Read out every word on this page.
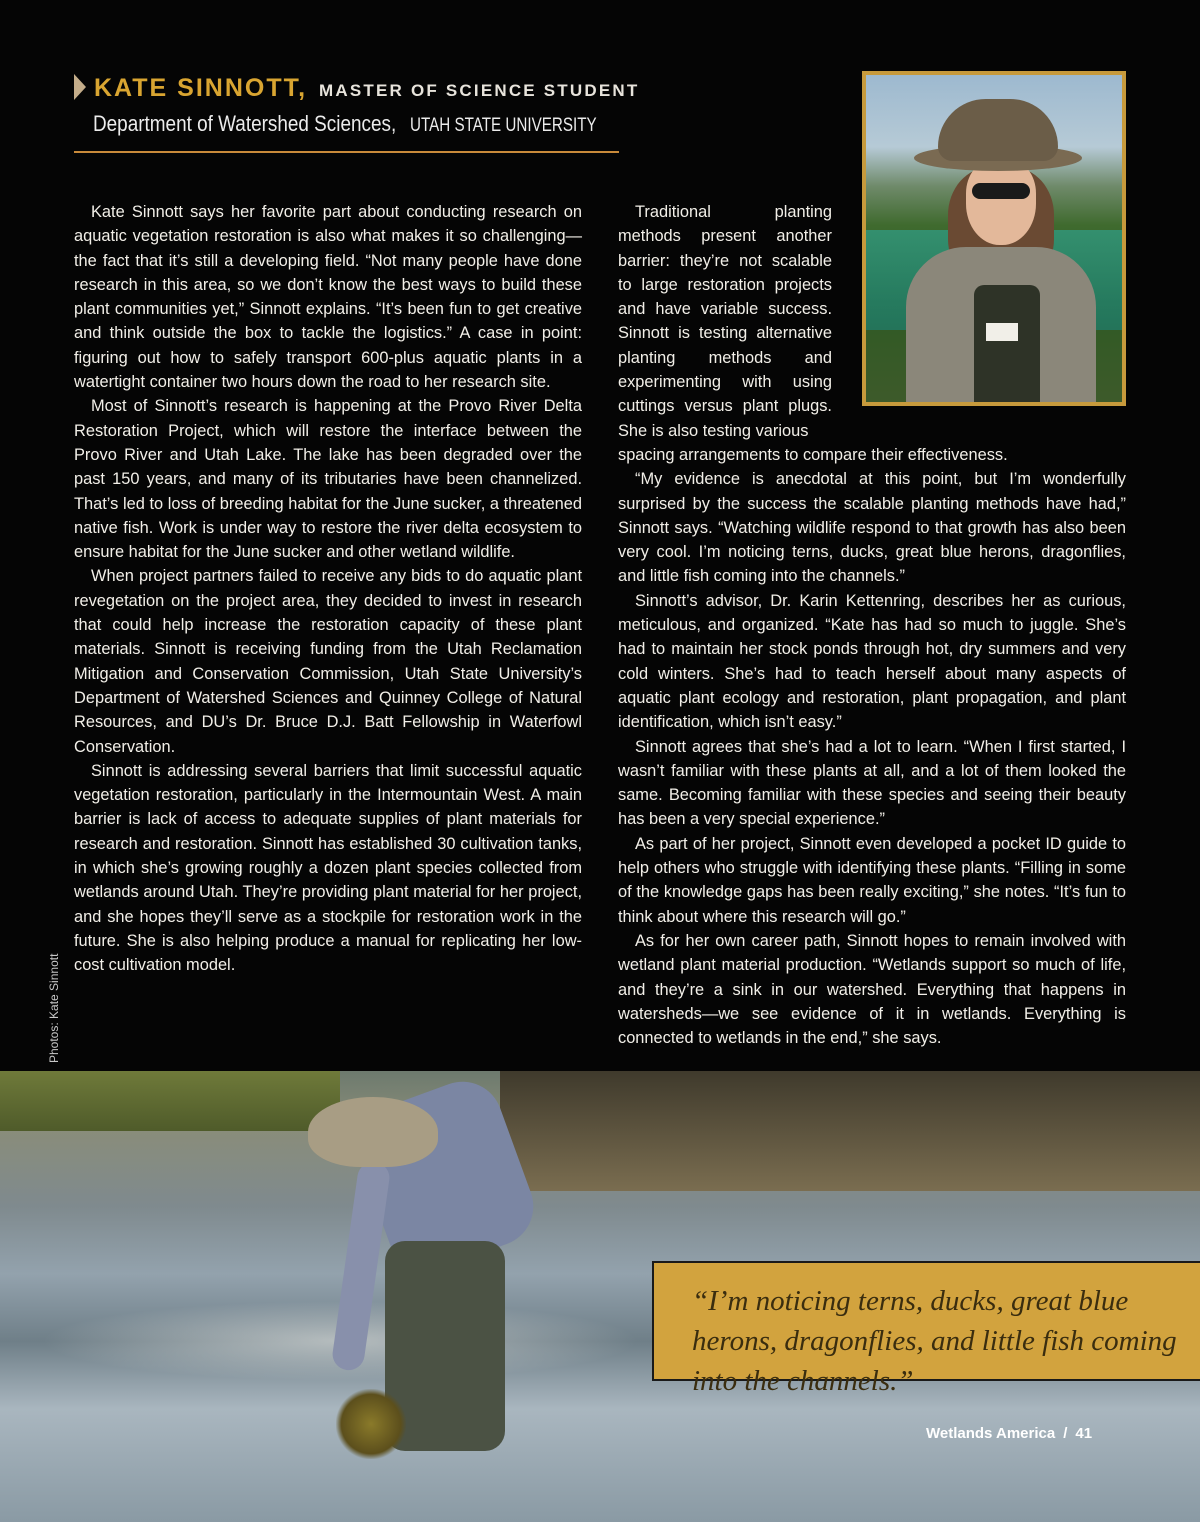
KATE SINNOTT, MASTER OF SCIENCE STUDENT
Department of Watershed Sciences, UTAH STATE UNIVERSITY

Kate Sinnott says her favorite part about conducting research on aquatic vegetation restoration is also what makes it so challenging—the fact that it’s still a developing field. “Not many people have done research in this area, so we don’t know the best ways to build these plant communities yet,” Sinnott explains. “It’s been fun to get creative and think outside the box to tackle the logistics.” A case in point: figuring out how to safely transport 600-plus aquatic plants in a watertight container two hours down the road to her research site.

Most of Sinnott’s research is happening at the Provo River Delta Restoration Project, which will restore the interface between the Provo River and Utah Lake. The lake has been degraded over the past 150 years, and many of its tributaries have been channelized. That’s led to loss of breeding habitat for the June sucker, a threatened native fish. Work is under way to restore the river delta ecosystem to ensure habitat for the June sucker and other wetland wildlife.

When project partners failed to receive any bids to do aquatic plant revegetation on the project area, they decided to invest in research that could help increase the restoration capacity of these plant materials. Sinnott is receiving funding from the Utah Reclamation Mitigation and Conservation Commission, Utah State University’s Department of Watershed Sciences and Quinney College of Natural Resources, and DU’s Dr. Bruce D.J. Batt Fellowship in Waterfowl Conservation.

Sinnott is addressing several barriers that limit successful aquatic vegetation restoration, particularly in the Intermountain West. A main barrier is lack of access to adequate supplies of plant materials for research and restoration. Sinnott has established 30 cultivation tanks, in which she’s growing roughly a dozen plant species collected from wetlands around Utah. They’re providing plant material for her project, and she hopes they’ll serve as a stockpile for restoration work in the future. She is also helping produce a manual for replicating her low-cost cultivation model.

Traditional planting methods present another barrier: they’re not scalable to large restoration projects and have variable success. Sinnott is testing alternative planting methods and experimenting with using cuttings versus plant plugs. She is also testing various

spacing arrangements to compare their effectiveness.

“My evidence is anecdotal at this point, but I’m wonderfully surprised by the success the scalable planting methods have had,” Sinnott says. “Watching wildlife respond to that growth has also been very cool. I’m noticing terns, ducks, great blue herons, dragonflies, and little fish coming into the channels.”

Sinnott’s advisor, Dr. Karin Kettenring, describes her as curious, meticulous, and organized. “Kate has had so much to juggle. She’s had to maintain her stock ponds through hot, dry summers and very cold winters. She’s had to teach herself about many aspects of aquatic plant ecology and restoration, plant propagation, and plant identification, which isn’t easy.”

Sinnott agrees that she’s had a lot to learn. “When I first started, I wasn’t familiar with these plants at all, and a lot of them looked the same. Becoming familiar with these species and seeing their beauty has been a very special experience.”

As part of her project, Sinnott even developed a pocket ID guide to help others who struggle with identifying these plants. “Filling in some of the knowledge gaps has been really exciting,” she notes. “It’s fun to think about where this research will go.”

As for her own career path, Sinnott hopes to remain involved with wetland plant material production. “Wetlands support so much of life, and they’re a sink in our watershed. Everything that happens in watersheds—we see evidence of it in wetlands. Everything is connected to wetlands in the end,” she says.

Photos: Kate Sinnott
“I’m noticing terns, ducks, great blue herons, dragonflies, and little fish coming into the channels.”
Wetlands America / 41
